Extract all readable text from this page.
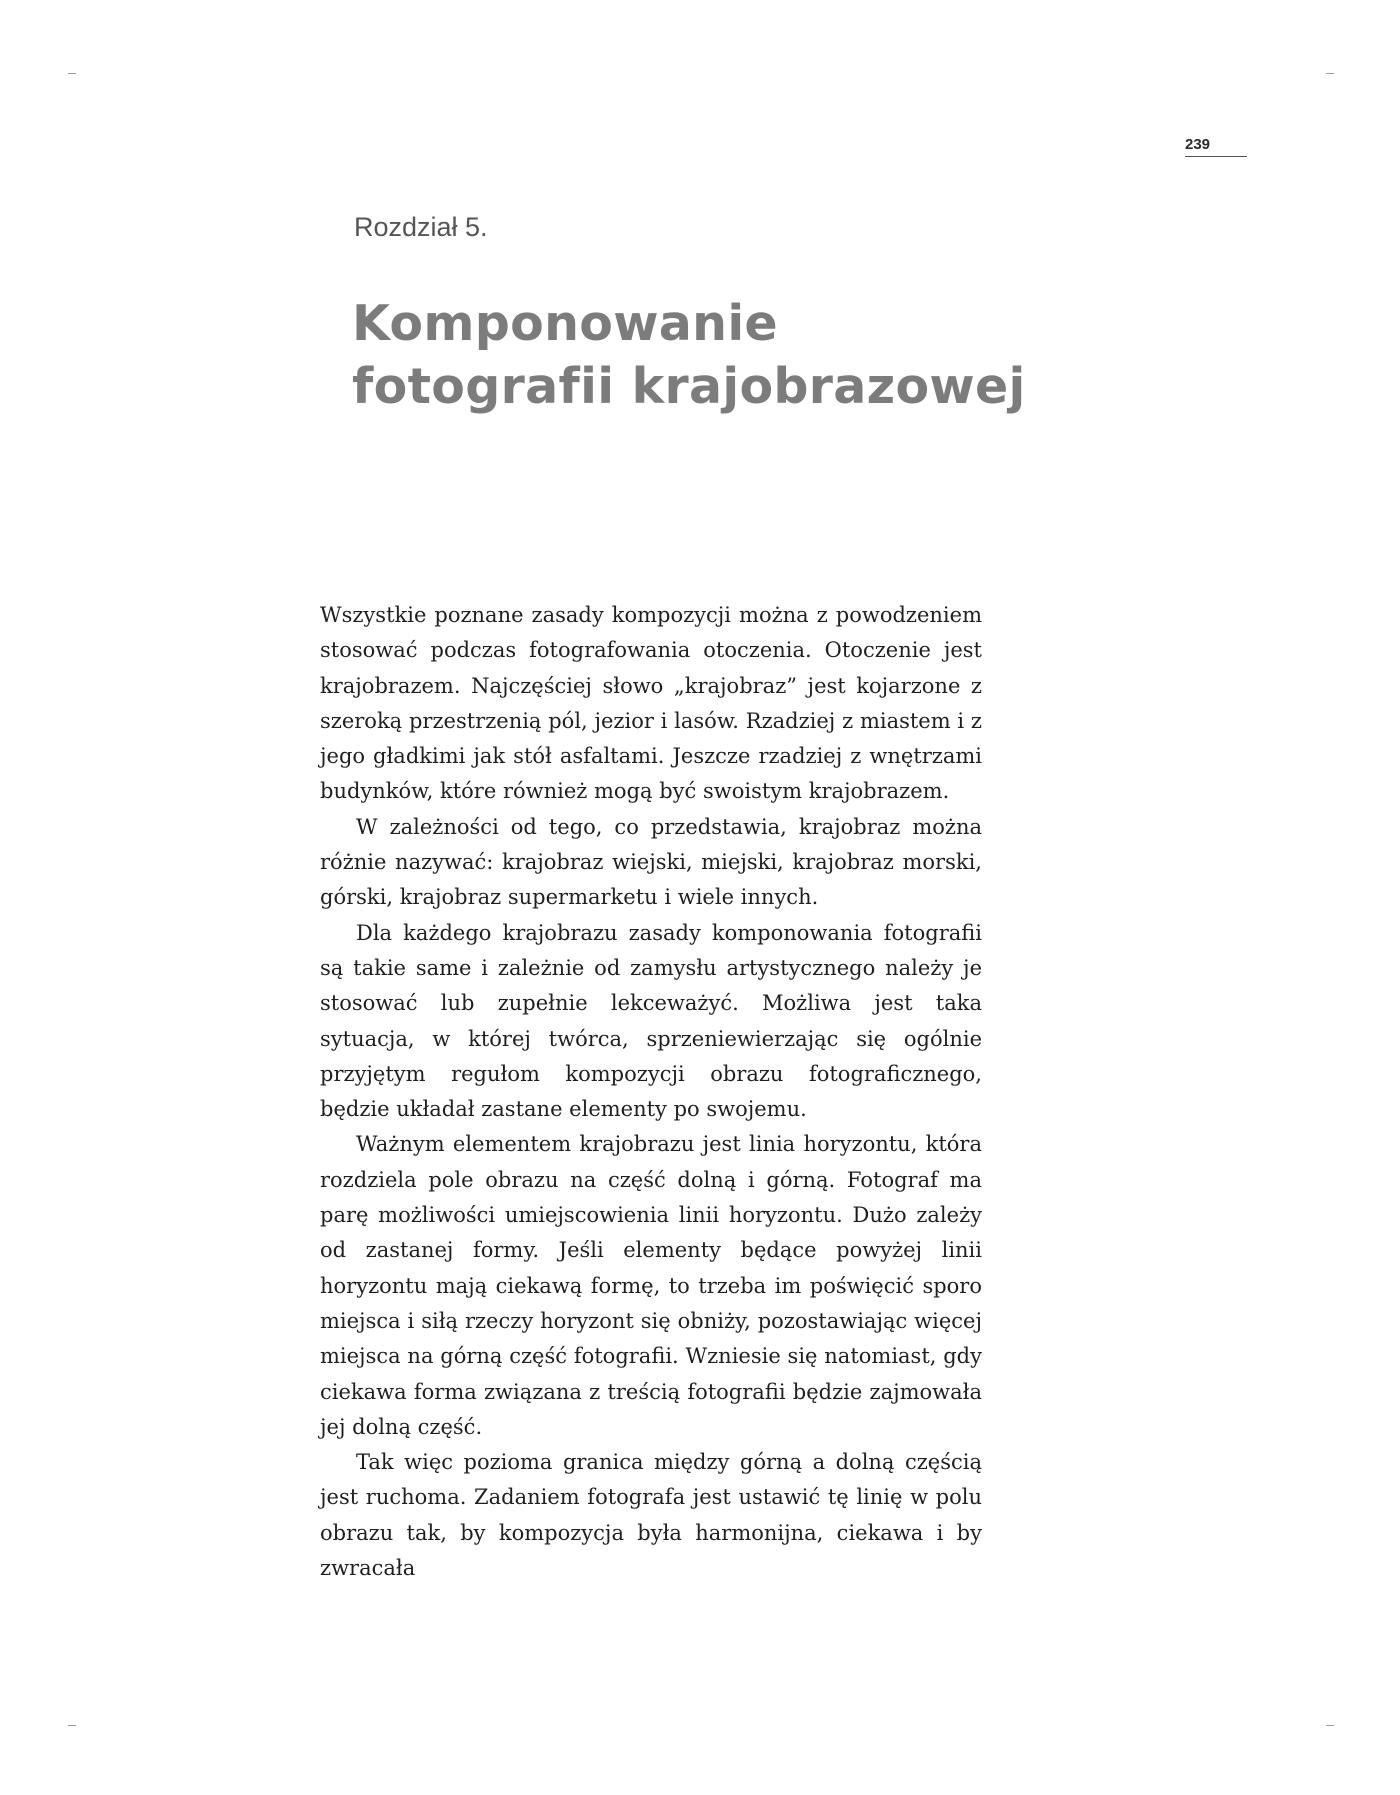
239

Rozdział 5.

Komponowanie
fotografii krajobrazowej

Wszystkie poznane zasady kompozycji można z powodzeniem stosować podczas fotografowania otoczenia. Otoczenie jest krajobrazem. Najczęściej słowo „krajobraz” jest kojarzone z szeroką przestrzenią pól, jezior i lasów. Rzadziej z miastem i z jego gładkimi jak stół asfaltami. Jeszcze rzadziej z wnętrzami budynków, które również mogą być swoistym krajobrazem.

W zależności od tego, co przedstawia, krajobraz można różnie nazywać: krajobraz wiejski, miejski, krajobraz morski, górski, krajobraz supermarketu i wiele innych.

Dla każdego krajobrazu zasady komponowania fotografii są takie same i zależnie od zamysłu artystycznego należy je stosować lub zupełnie lekceważyć. Możliwa jest taka sytuacja, w której twórca, sprzeniewierzając się ogólnie przyjętym regułom kompozycji obrazu fotograficznego, będzie układał zastane elementy po swojemu.

Ważnym elementem krajobrazu jest linia horyzontu, która rozdziela pole obrazu na część dolną i górną. Fotograf ma parę możliwości umiejscowienia linii horyzontu. Dużo zależy od zastanej formy. Jeśli elementy będące powyżej linii horyzontu mają ciekawą formę, to trzeba im poświęcić sporo miejsca i siłą rzeczy horyzont się obniży, pozostawiając więcej miejsca na górną część fotografii. Wzniesie się natomiast, gdy ciekawa forma związana z treścią fotografii będzie zajmowała jej dolną część.

Tak więc pozioma granica między górną a dolną częścią jest ruchoma. Zadaniem fotografa jest ustawić tę linię w polu obrazu tak, by kompozycja była harmonijna, ciekawa i by zwracała
